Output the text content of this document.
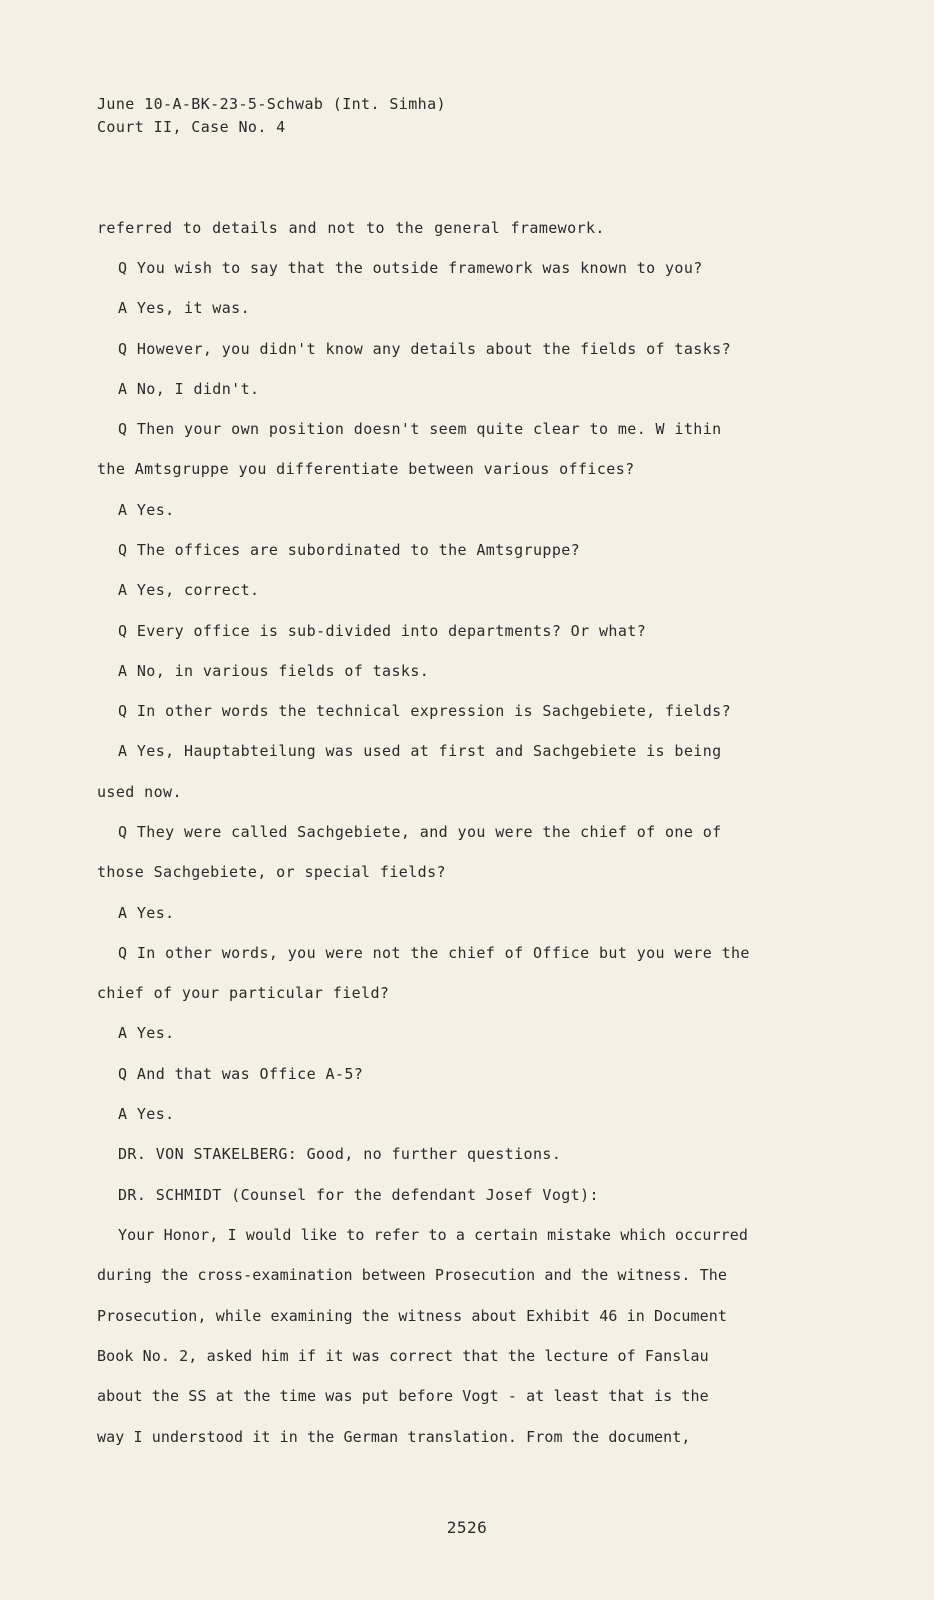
June 10-A-BK-23-5-Schwab (Int. Simha)
Court II, Case No. 4
referred to details and not to the general framework.
Q You wish to say that the outside framework was known to you?
A Yes, it was.
Q However, you didn't know any details about the fields of tasks?
A No, I didn't.
Q Then your own position doesn't seem quite clear to me. W ithin
the Amtsgruppe you differentiate between various offices?
A Yes.
Q The offices are subordinated to the Amtsgruppe?
A Yes, correct.
Q Every office is sub-divided into departments? Or what?
A No, in various fields of tasks.
Q In other words the technical expression is Sachgebiete, fields?
A Yes, Hauptabteilung was used at first and Sachgebiete is being
used now.
Q They were called Sachgebiete, and you were the chief of one of
those Sachgebiete, or special fields?
A Yes.
Q In other words, you were not the chief of Office but you were the
chief of your particular field?
A Yes.
Q And that was Office A-5?
A Yes.
DR. VON STAKELBERG: Good, no further questions.
DR. SCHMIDT (Counsel for the defendant Josef Vogt):
Your Honor, I would like to refer to a certain mistake which occurred
during the cross-examination between Prosecution and the witness. The
Prosecution, while examining the witness about Exhibit 46 in Document
Book No. 2, asked him if it was correct that the lecture of Fanslau
about the SS at the time was put before Vogt - at least that is the
way I understood it in the German translation. From the document,
2526
